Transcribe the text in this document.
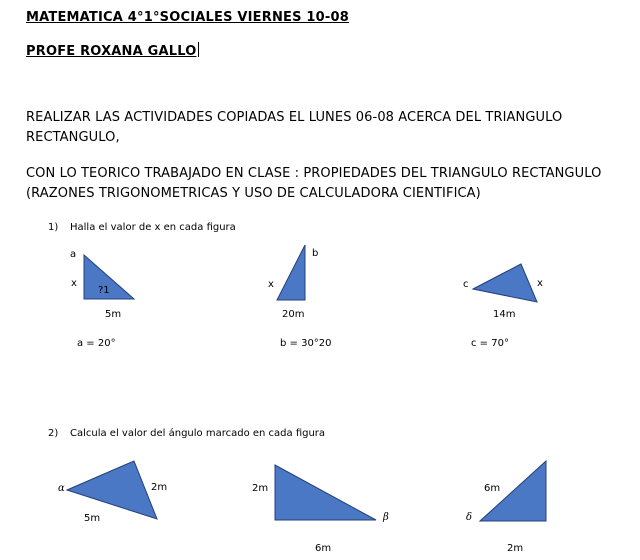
MATEMATICA 4°1°SOCIALES VIERNES 10-08
PROFE ROXANA GALLO
REALIZAR LAS ACTIVIDADES COPIADAS EL LUNES 06-08 ACERCA DEL TRIANGULO RECTANGULO,
CON LO TEORICO TRABAJADO EN CLASE : PROPIEDADES DEL TRIANGULO RECTANGULO (RAZONES TRIGONOMETRICAS Y USO DE CALCULADORA CIENTIFICA)
1) Halla el valor de x en cada figura
a
x
?1
5m
a = 20°
b
x
20m
b = 30°20
c	x
14m
c = 70°
2) Calcula el valor del ángulo marcado en cada figura
α	2m
5m
2m
β
6m
6m
δ
2m
